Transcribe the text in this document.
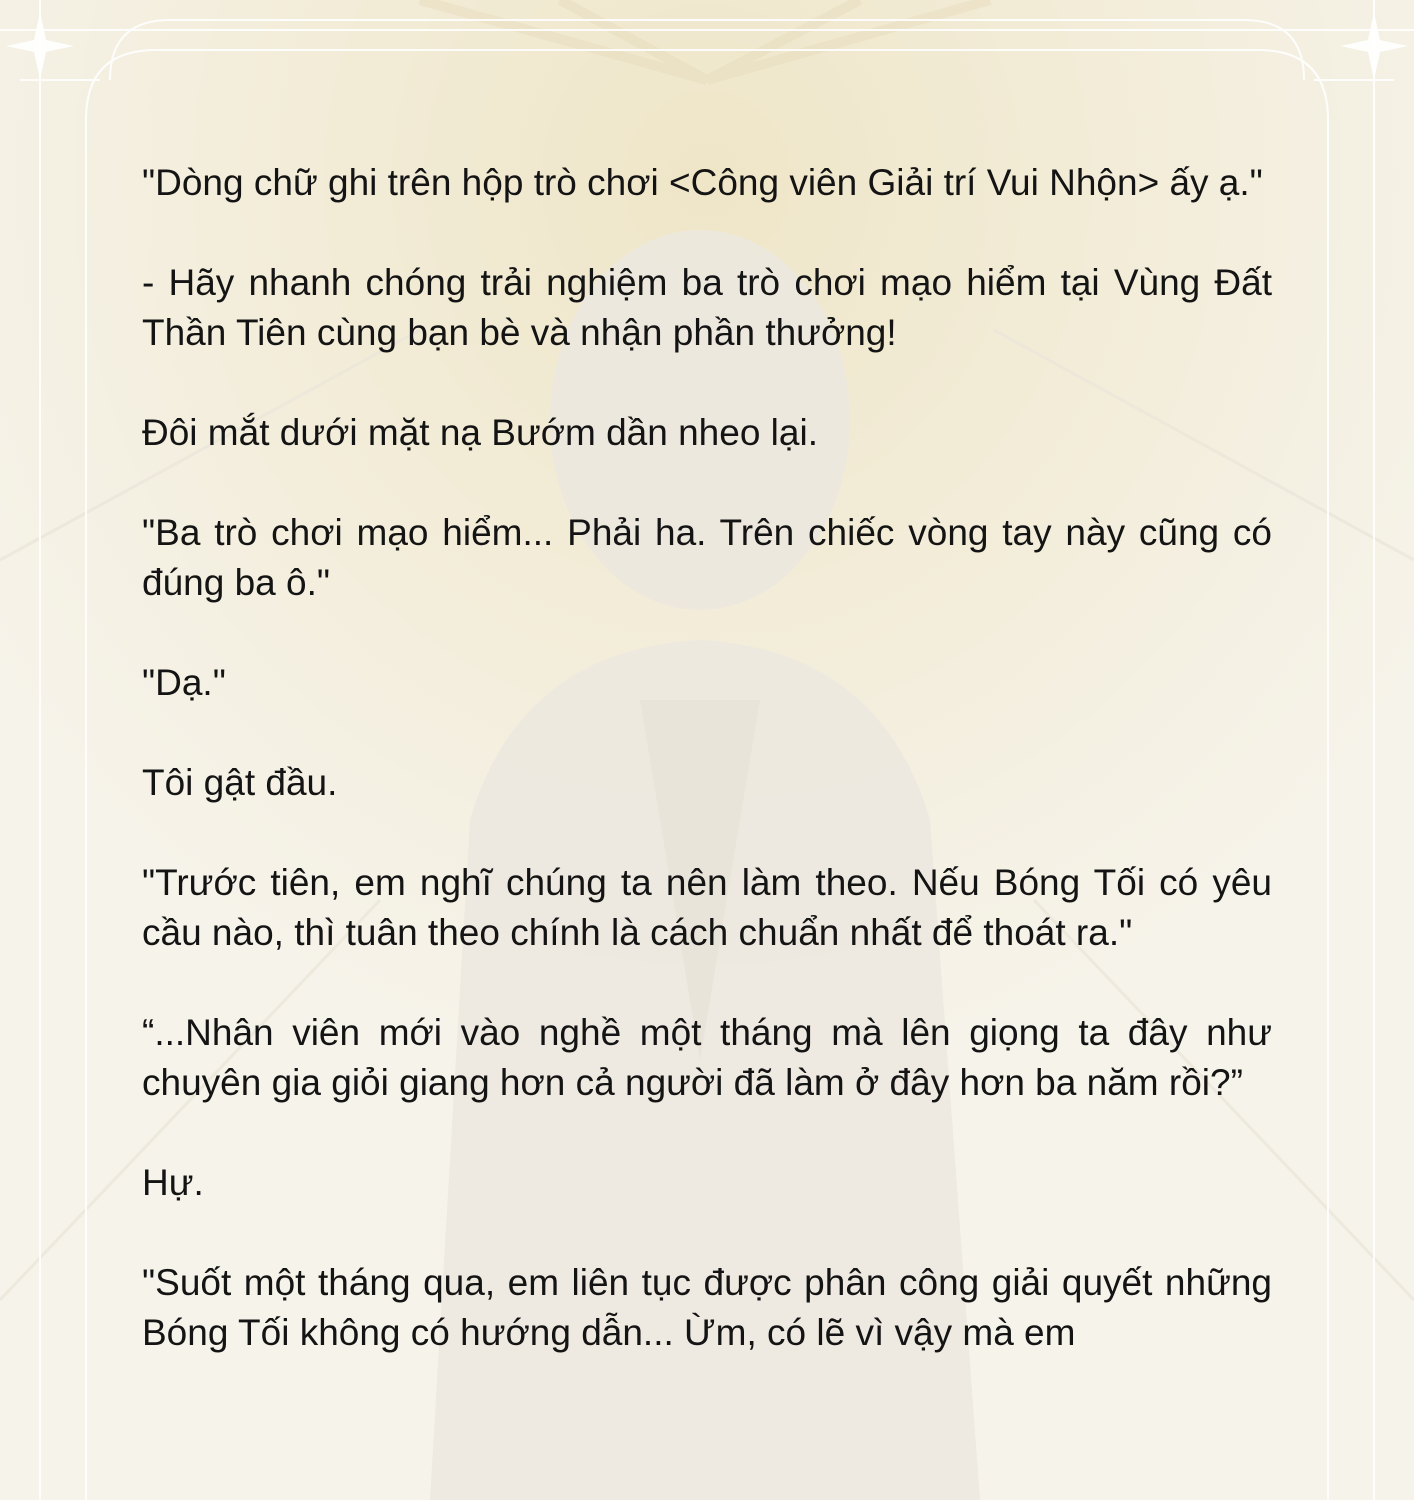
"Dòng chữ ghi trên hộp trò chơi <Công viên Giải trí Vui Nhộn> ấy ạ."

- Hãy nhanh chóng trải nghiệm ba trò chơi mạo hiểm tại Vùng Đất Thần Tiên cùng bạn bè và nhận phần thưởng!

Đôi mắt dưới mặt nạ Bướm dần nheo lại.

"Ba trò chơi mạo hiểm... Phải ha. Trên chiếc vòng tay này cũng có đúng ba ô."

"Dạ."

Tôi gật đầu.

"Trước tiên, em nghĩ chúng ta nên làm theo. Nếu Bóng Tối có yêu cầu nào, thì tuân theo chính là cách chuẩn nhất để thoát ra."

“...Nhân viên mới vào nghề một tháng mà lên giọng ta đây như chuyên gia giỏi giang hơn cả người đã làm ở đây hơn ba năm rồi?”

Hự.

"Suốt một tháng qua, em liên tục được phân công giải quyết những Bóng Tối không có hướng dẫn... Ừm, có lẽ vì vậy mà em
